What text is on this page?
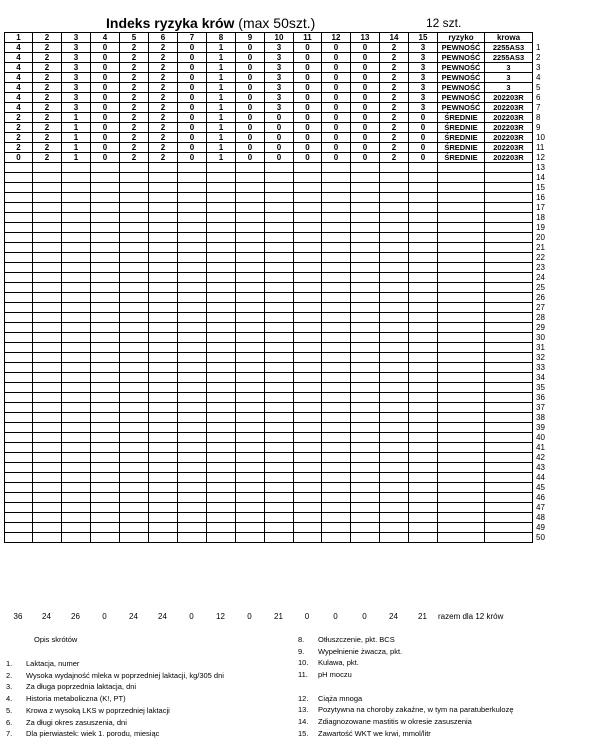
Indeks ryzyka krów (max 50szt.)	12 szt.
1	2	3	4	5	6	7	8	9	10	11	12	13	14	15	ryzyko	krowa	
4	2	3	0	2	2	0	1	0	3	0	0	0	2	3	PEWNOŚĆ	2255AS3	1
4	2	3	0	2	2	0	1	0	3	0	0	0	2	3	PEWNOŚĆ	2255AS3	2
4	2	3	0	2	2	0	1	0	3	0	0	0	2	3	PEWNOŚĆ	3	3
4	2	3	0	2	2	0	1	0	3	0	0	0	2	3	PEWNOŚĆ	3	4
4	2	3	0	2	2	0	1	0	3	0	0	0	2	3	PEWNOŚĆ	3	5
4	2	3	0	2	2	0	1	0	3	0	0	0	2	3	PEWNOŚĆ	202203R	6
4	2	3	0	2	2	0	1	0	3	0	0	0	2	3	PEWNOŚĆ	202203R	7
2	2	1	0	2	2	0	1	0	0	0	0	0	2	0	ŚREDNIE	202203R	8
2	2	1	0	2	2	0	1	0	0	0	0	0	2	0	ŚREDNIE	202203R	9
2	2	1	0	2	2	0	1	0	0	0	0	0	2	0	ŚREDNIE	202203R	10
2	2	1	0	2	2	0	1	0	0	0	0	0	2	0	ŚREDNIE	202203R	11
0	2	1	0	2	2	0	1	0	0	0	0	0	2	0	ŚREDNIE	202203R	12
																	13
																	14
																	15
																	16
																	17
																	18
																	19
																	20
																	21
																	22
																	23
																	24
																	25
																	26
																	27
																	28
																	29
																	30
																	31
																	32
																	33
																	34
																	35
																	36
																	37
																	38
																	39
																	40
																	41
																	42
																	43
																	44
																	45
																	46
																	47
																	48
																	49
																	50
36	24	26	0	24	24	0	12	0	21	0	0	0	24	21	razem dla 12 krów
Opis skrótów
1. Laktacja, numer
2. Wysoka wydajność mleka w poprzedniej laktacji, kg/305 dni
3. Za długa poprzednia laktacja, dni
4. Historia metaboliczna (K!, PT)
5. Krowa z wysoką LKS w poprzedniej laktacji
6. Za długi okres zasuszenia, dni
7. Dla pierwiastek: wiek 1. porodu, miesiąc
8. Otłuszczenie, pkt. BCS
9. Wypełnienie żwacza, pkt.
10. Kulawa, pkt.
11. pH moczu
12. Ciąża mnoga
13. Pozytywna na choroby zakaźne, w tym na paratuberkulozę
14. Zdiagnozowane mastitis w okresie zasuszenia
15. Zawartość WKT we krwi, mmol/litr
